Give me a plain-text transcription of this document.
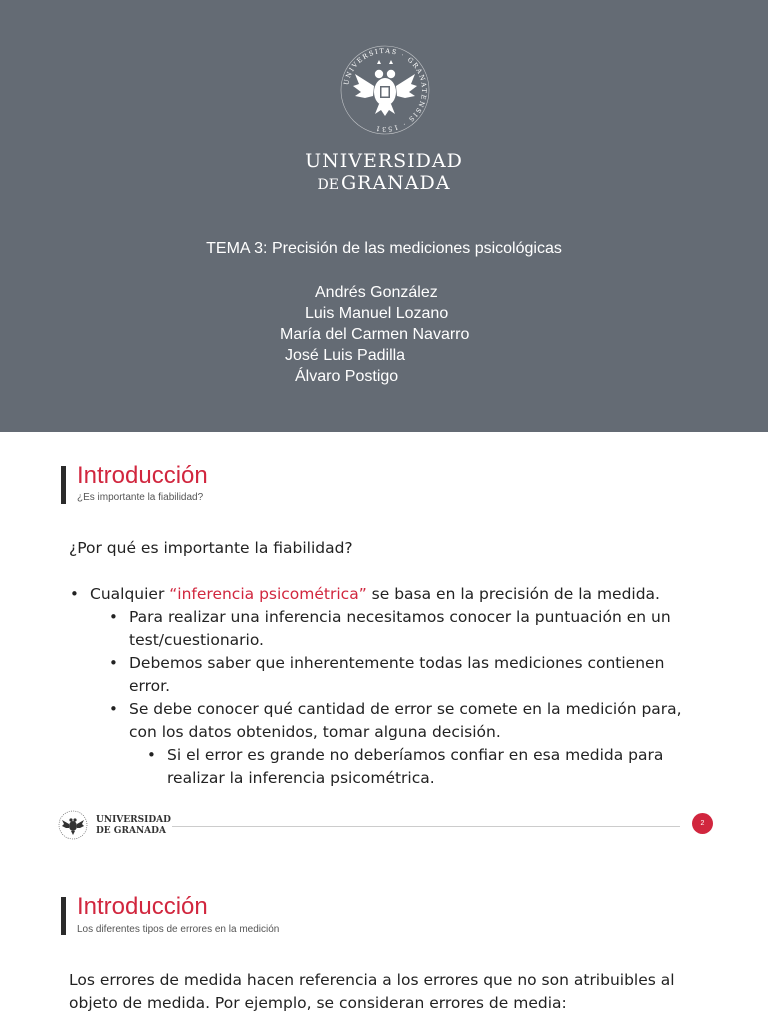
UNIVERSITAS · GRANATENSIS · 1531
UNIVERSIDAD
DE GRANADA
TEMA 3: Precisión de las mediciones psicológicas
Andrés González
Luis Manuel Lozano
María del Carmen Navarro
José Luis Padilla
Álvaro Postigo
Introducción
¿Es importante la fiabilidad?
¿Por qué es importante la fiabilidad?
• Cualquier “inferencia psicométrica” se basa en la precisión de la medida.
• Para realizar una inferencia necesitamos conocer la puntuación en un
test/cuestionario.
• Debemos saber que inherentemente todas las mediciones contienen
error.
• Se debe conocer qué cantidad de error se comete en la medición para,
con los datos obtenidos, tomar alguna decisión.
• Si el error es grande no deberíamos confiar en esa medida para
realizar la inferencia psicométrica.
UNIVERSIDAD
DE GRANADA
2
Introducción
Los diferentes tipos de errores en la medición
Los errores de medida hacen referencia a los errores que no son atribuibles al
objeto de medida. Por ejemplo, se consideran errores de media:
